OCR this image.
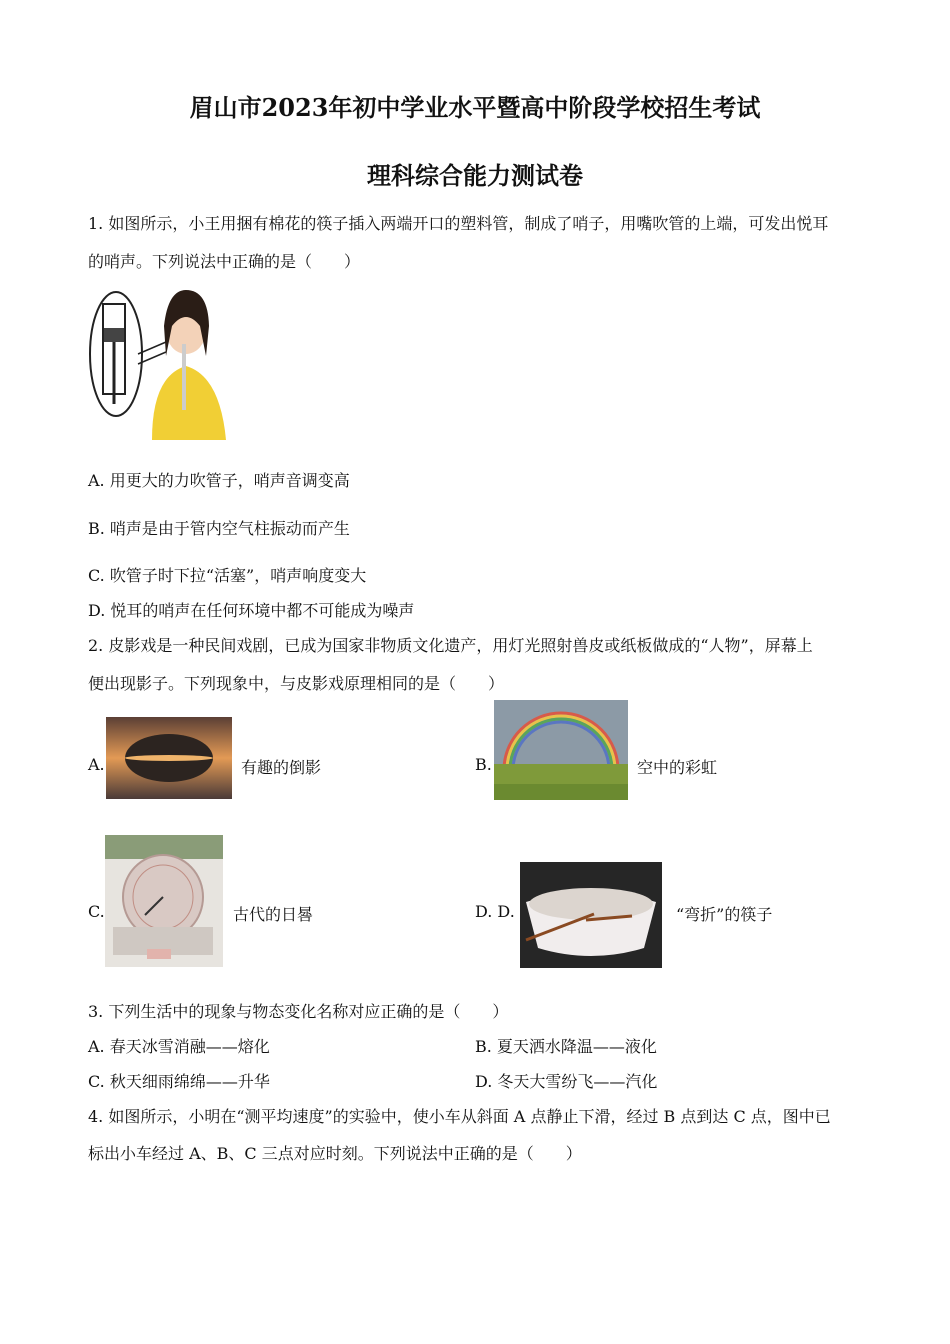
眉山市2023年初中学业水平暨高中阶段学校招生考试
理科综合能力测试卷
1. 如图所示，小王用捆有棉花的筷子插入两端开口的塑料管，制成了哨子，用嘴吹管的上端，可发出悦耳
的哨声。下列说法中正确的是（　　）
A. 用更大的力吹管子，哨声音调变高
B. 哨声是由于管内空气柱振动而产生
C. 吹管子时下拉“活塞”，哨声响度变大
D. 悦耳的哨声在任何环境中都不可能成为噪声
2. 皮影戏是一种民间戏剧，已成为国家非物质文化遗产，用灯光照射兽皮或纸板做成的“人物”，屏幕上
便出现影子。下列现象中，与皮影戏原理相同的是（　　）
A.	有趣的倒影	B.	空中的彩虹
C.	古代的日晷	D. D.	“弯折”的筷子
3. 下列生活中的现象与物态变化名称对应正确的是（　　）
A. 春天冰雪消融——熔化	B. 夏天洒水降温——液化
C. 秋天细雨绵绵——升华	D. 冬天大雪纷飞——汽化
4. 如图所示，小明在“测平均速度”的实验中，使小车从斜面 A 点静止下滑，经过 B 点到达 C 点，图中已
标出小车经过 A、B、C 三点对应时刻。下列说法中正确的是（　　）
